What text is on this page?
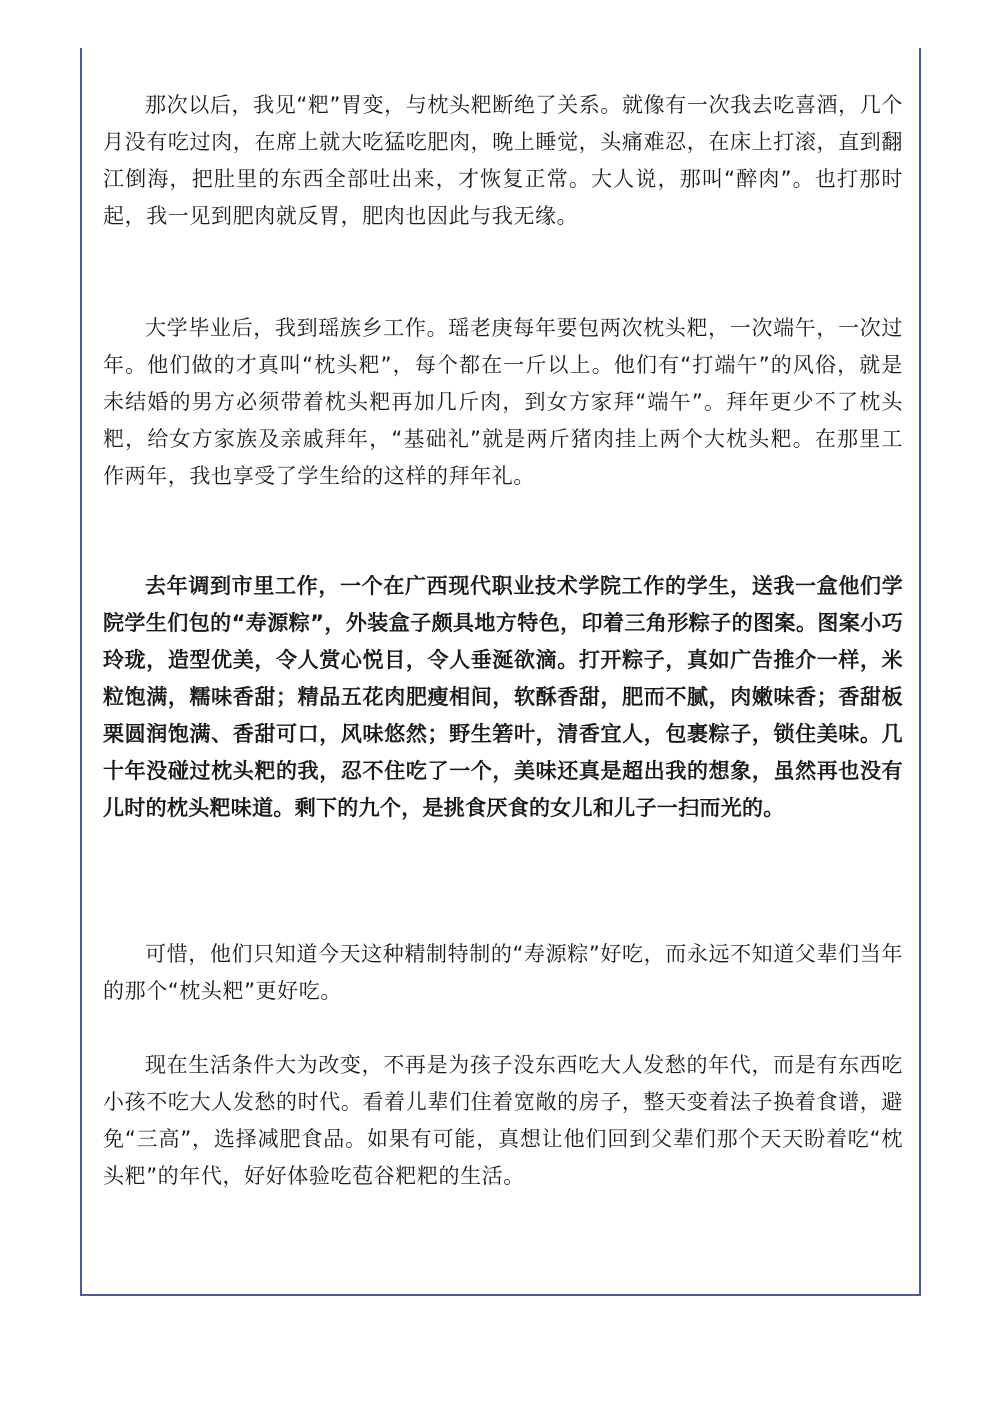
那次以后，我见“粑”胃变，与枕头粑断绝了关系。就像有一次我去吃喜酒，几个月没有吃过肉，在席上就大吃猛吃肥肉，晚上睡觉，头痛难忍，在床上打滚，直到翻江倒海，把肚里的东西全部吐出来，才恢复正常。大人说，那叫“醉肉”。也打那时起，我一见到肥肉就反胃，肥肉也因此与我无缘。

大学毕业后，我到瑶族乡工作。瑶老庚每年要包两次枕头粑，一次端午，一次过年。他们做的才真叫“枕头粑”，每个都在一斤以上。他们有“打端午”的风俗，就是未结婚的男方必须带着枕头粑再加几斤肉，到女方家拜“端午”。拜年更少不了枕头粑，给女方家族及亲戚拜年，“基础礼”就是两斤猪肉挂上两个大枕头粑。在那里工作两年，我也享受了学生给的这样的拜年礼。

去年调到市里工作，一个在广西现代职业技术学院工作的学生，送我一盒他们学院学生们包的“寿源粽”，外装盒子颇具地方特色，印着三角形粽子的图案。图案小巧玲珑，造型优美，令人赏心悦目，令人垂涎欲滴。打开粽子，真如广告推介一样，米粒饱满，糯味香甜；精品五花肉肥瘦相间，软酥香甜，肥而不腻，肉嫩味香；香甜板栗圆润饱满、香甜可口，风味悠然；野生箬叶，清香宜人，包裹粽子，锁住美味。几十年没碰过枕头粑的我，忍不住吃了一个，美味还真是超出我的想象，虽然再也没有儿时的枕头粑味道。剩下的九个，是挑食厌食的女儿和儿子一扫而光的。

可惜，他们只知道今天这种精制特制的“寿源粽”好吃，而永远不知道父辈们当年的那个“枕头粑”更好吃。

现在生活条件大为改变，不再是为孩子没东西吃大人发愁的年代，而是有东西吃小孩不吃大人发愁的时代。看着儿辈们住着宽敞的房子，整天变着法子换着食谱，避免“三高”，选择减肥食品。如果有可能，真想让他们回到父辈们那个天天盼着吃“枕头粑”的年代，好好体验吃苞谷粑粑的生活。
